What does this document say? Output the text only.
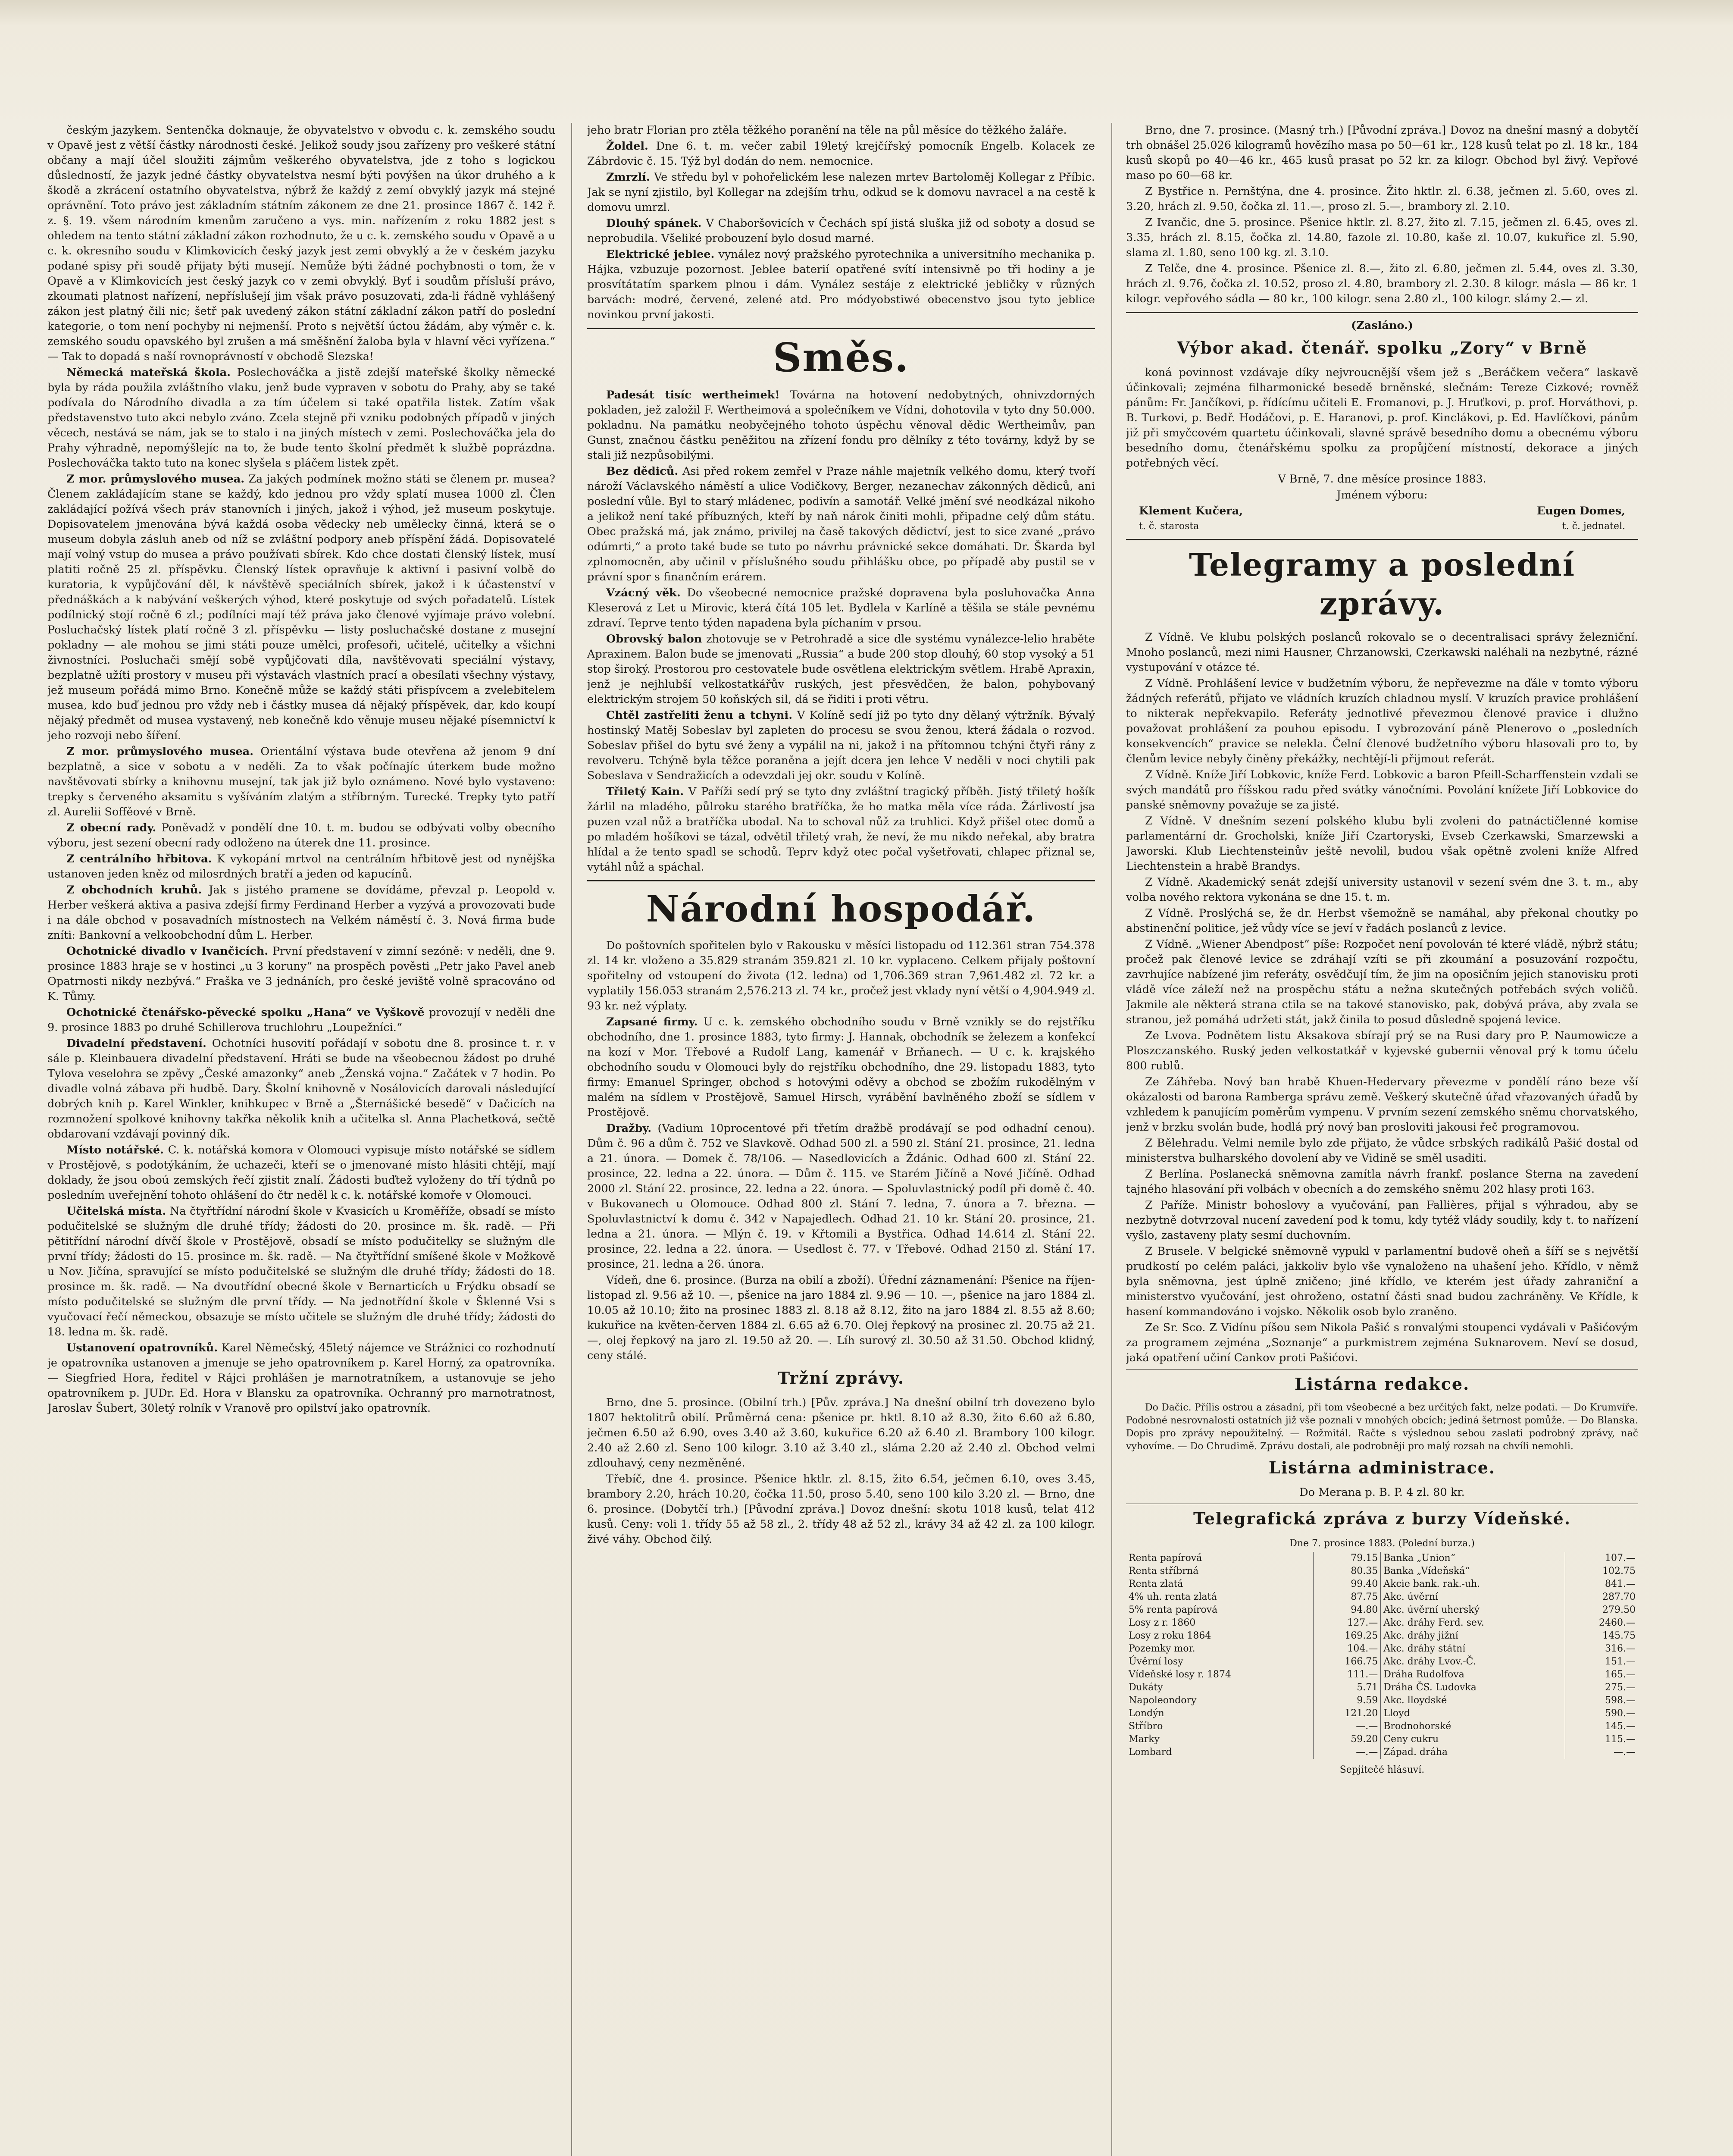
českým jazykem. Sentenčka doknauje, že obyvatelstvo v obvodu c. k. zemského soudu v Opavě jest z větší částky národnosti české. Jelikož soudy jsou zařízeny pro veškeré státní občany a mají účel sloužiti zájmům veškerého obyvatelstva, jde z toho s logickou důsledností, že jazyk jedné částky obyvatelstva nesmí býti povýšen na úkor druhého a k škodě a zkrácení ostatního obyvatelstva, nýbrž že každý z zemí obvyklý jazyk má stejné oprávnění. Toto právo jest základním státním zákonem ze dne 21. prosince 1867 č. 142 ř. z. §. 19. všem národním kmenům zaručeno a vys. min. nařízením z roku 1882 jest s ohledem na tento státní základní zákon rozhodnuto, že u c. k. zemského soudu v Opavě a u c. k. okresního soudu v Klimkovicích český jazyk jest zemi obvyklý a že v českém jazyku podané spisy při soudě přijaty býti musejí. Nemůže býti žádné pochybnosti o tom, že v Opavě a v Klimkovicích jest český jazyk co v zemi obvyklý. Byť i soudům přísluší právo, zkoumati platnost nařízení, nepříslušejí jim však právo posuzovati, zda-li řádně vyhlášený zákon jest platný čili nic; šetř pak uvedený zákon státní základní zákon patří do poslední kategorie, o tom není pochyby ni nejmenší. Proto s největší úctou žádám, aby výměr c. k. zemského soudu opavského byl zrušen a má směšnění žaloba byla v hlavní věci vyřízena.“ — Tak to dopadá s naší rovnoprávností v obchodě Slezska!

Německá mateřská škola. Poslechováčka a jistě zdejší mateřské školky německé byla by ráda použila zvláštního vlaku, jenž bude vypraven v sobotu do Prahy, aby se také podívala do Národního divadla a za tím účelem si také opatřila listek. Zatím však představenstvo tuto akci nebylo zváno. Zcela stejně při vzniku podobných případů v jiných věcech, nestává se nám, jak se to stalo i na jiných místech v zemi. Poslechováčka jela do Prahy výhradně, nepomýšlejíc na to, že bude tento školní předmět k službě poprázdna. Poslechováčka takto tuto na konec slyšela s pláčem listek zpět.

Z mor. průmyslového musea. Za jakých podmínek možno státi se členem pr. musea? Členem zakládajícím stane se každý, kdo jednou pro vždy splatí musea 1000 zl. Člen zakládající požívá všech práv stanovních i jiných, jakož i výhod, jež museum poskytuje. Dopisovatelem jmenována bývá každá osoba vědecky neb umělecky činná, která se o museum dobyla zásluh aneb od níž se zvláštní podpory aneb příspění žádá. Dopisovatelé mají volný vstup do musea a právo používati sbírek. Kdo chce dostati členský lístek, musí platiti ročně 25 zl. příspěvku. Členský lístek opravňuje k aktivní i pasivní volbě do kuratoria, k vypůjčování děl, k návštěvě speciálních sbírek, jakož i k účastenství v přednáškách a k nabývání veškerých výhod, které poskytuje od svých pořadatelů. Lístek podílnický stojí ročně 6 zl.; podílníci mají též práva jako členové vyjímaje právo volební. Posluchačský lístek platí ročně 3 zl. příspěvku — listy posluchačské dostane z musejní pokladny — ale mohou se jimi státi pouze umělci, profesoři, učitelé, učitelky a všichni živnostníci. Posluchači smějí sobě vypůjčovati díla, navštěvovati speciální výstavy, bezplatně užíti prostory v museu při výstavách vlastních prací a obesílati všechny výstavy, jež museum pořádá mimo Brno. Konečně může se každý státi přispívcem a zvelebitelem musea, kdo buď jednou pro vždy neb i částky musea dá nějaký příspěvek, dar, kdo koupí nějaký předmět od musea vystavený, neb konečně kdo věnuje museu nějaké písemnictví k jeho rozvoji nebo šíření.

Z mor. průmyslového musea. Orientální výstava bude otevřena až jenom 9 dní bezplatně, a sice v sobotu a v neděli. Za to však počínajíc úterkem bude možno navštěvovati sbírky a knihovnu musejní, tak jak již bylo oznámeno. Nové bylo vystaveno: trepky s červeného aksamitu s vyšíváním zlatým a stříbrným. Turecké. Trepky tyto patří zl. Aurelii Soffěové v Brně.

Z obecní rady. Poněvadž v pondělí dne 10. t. m. budou se odbývati volby obecního výboru, jest sezení obecní rady odloženo na úterek dne 11. prosince.

Z centrálního hřbitova. K vykopání mrtvol na centrálním hřbitově jest od nynějška ustanoven jeden kněz od milosrdných bratří a jeden od kapucínů.

Z obchodních kruhů. Jak s jistého pramene se dovídáme, převzal p. Leopold v. Herber veškerá aktiva a pasiva zdejší firmy Ferdinand Herber a vyzývá a provozovati bude i na dále obchod v posavadních místnostech na Velkém náměstí č. 3. Nová firma bude zníti: Bankovní a velkoobchodní dům L. Herber.

Ochotnické divadlo v Ivančicích. První představení v zimní sezóně: v neděli, dne 9. prosince 1883 hraje se v hostinci „u 3 koruny“ na prospěch pověsti „Petr jako Pavel aneb Opatrnosti nikdy nezbývá.“ Fraška ve 3 jednáních, pro české jeviště volně spracováno od K. Tůmy.

Ochotnické čtenářsko-pěvecké spolku „Hana“ ve Vyškově provozují v neděli dne 9. prosince 1883 po druhé Schillerova truchlohru „Loupežníci.“

Divadelní představení. Ochotníci husovití pořádají v sobotu dne 8. prosince t. r. v sále p. Kleinbauera divadelní představení. Hráti se bude na všeobecnou žádost po druhé Tylova veselohra se zpěvy „České amazonky“ aneb „Ženská vojna.“ Začátek v 7 hodin. Po divadle volná zábava při hudbě. Dary. Školní knihovně v Nosálovicích darovali následující dobrých knih p. Karel Winkler, knihkupec v Brně a „Šternášické besedě“ v Dačicích na rozmnožení spolkové knihovny takřka několik knih a učitelka sl. Anna Plachetková, sečtě obdarovaní vzdávají povinný dík.

Místo notářské. C. k. notářská komora v Olomouci vypisuje místo notářské se sídlem v Prostějově, s podotýkáním, že uchazeči, kteří se o jmenované místo hlásiti chtějí, mají doklady, že jsou oboú zemských řečí zjistit znalí. Žádosti buďtež vyloženy do tří týdnů po posledním uveřejnění tohoto ohlášení do čtr neděl k c. k. notářské komoře v Olomouci.

Učitelská místa. Na čtyřtřídní národní škole v Kvasicích u Kroměříže, obsadí se místo podučitelské se služným dle druhé třídy; žádosti do 20. prosince m. šk. radě. — Při pětitřídní národní dívčí škole v Prostějově, obsadí se místo podučitelky se služným dle první třídy; žádosti do 15. prosince m. šk. radě. — Na čtyřtřídní smíšené škole v Možkově u Nov. Jičína, spravující se místo podučitelské se služným dle druhé třídy; žádosti do 18. prosince m. šk. radě. — Na dvoutřídní obecné škole v Bernarticích u Frýdku obsadí se místo podučitelské se služným dle první třídy. — Na jednotřídní škole v Šklenné Vsi s vyučovací řečí německou, obsazuje se místo učitele se služným dle druhé třídy; žádosti do 18. ledna m. šk. radě.

Ustanovení opatrovníků. Karel Němečský, 45letý nájemce ve Strážnici co rozhodnutí je opatrovníka ustanoven a jmenuje se jeho opatrovníkem p. Karel Horný, za opatrovníka. — Siegfried Hora, ředitel v Rájci prohlášen je marnotratníkem, a ustanovuje se jeho opatrovníkem p. JUDr. Ed. Hora v Blansku za opatrovníka. Ochranný pro marnotratnost, Jaroslav Šubert, 30letý rolník v Vranově pro opilství jako opatrovník.

jeho bratr Florian pro ztěla těžkého poranění na těle na půl měsíce do těžkého žaláře.

Žoldel. Dne 6. t. m. večer zabil 19letý krejčířský pomocník Engelb. Kolacek ze Zábrdovic č. 15. Týž byl dodán do nem. nemocnice.

Zmrzlí. Ve středu byl v pohořelickém lese nalezen mrtev Bartoloměj Kollegar z Příbic. Jak se nyní zjistilo, byl Kollegar na zdejším trhu, odkud se k domovu navracel a na cestě k domovu umrzl.

Dlouhý spánek. V Chaboršovicích v Čechách spí jistá sluška již od soboty a dosud se neprobudila. Všeliké probouzení bylo dosud marné.

Elektrické jeblee. vynález nový pražského pyrotechnika a universitního mechanika p. Hájka, vzbuzuje pozornost. Jeblee baterií opatřené svítí intensivně po tři hodiny a je prosvítátatím sparkem plnou i dám. Vynález sestáje z elektrické jebličky v různých barvách: modré, červené, zelené atd. Pro módyobstiwé obecenstvo jsou tyto jeblice novinkou první jakosti.

Směs.

Padesát tisíc wertheimek! Továrna na hotovení nedobytných, ohnivzdorných pokladen, jež založil F. Wertheimová a společníkem ve Vídni, dohotovila v tyto dny 50.000. pokladnu. Na památku neobyčejného tohoto úspěchu věnoval dědic Wertheimův, pan Gunst, značnou částku peněžitou na zřízení fondu pro dělníky z této továrny, když by se stali již nezpůsobilými.

Bez dědiců. Asi před rokem zemřel v Praze náhle majetník velkého domu, který tvoří nároží Václavského náměstí a ulice Vodičkovy, Berger, nezanechav zákonných dědiců, ani poslední vůle. Byl to starý mládenec, podivín a samotář. Velké jmění své neodkázal nikoho a jelikož není také příbuzných, kteří by naň nárok činiti mohli, připadne celý dům státu. Obec pražská má, jak známo, privilej na časě takových dědictví, jest to sice zvané „právo odúmrti,“ a proto také bude se tuto po návrhu právnické sekce domáhati. Dr. Škarda byl zplnomocněn, aby učinil v příslušného soudu přihlášku obce, po případě aby pustil se v právní spor s finančním erárem.

Vzácný věk. Do všeobecné nemocnice pražské dopravena byla posluhovačka Anna Kleserová z Let u Mirovic, která čítá 105 let. Bydlela v Karlíně a těšila se stále pevnému zdraví. Teprve tento týden napadena byla píchaním v prsou.

Obrovský balon zhotovuje se v Petrohradě a sice dle systému vynálezce-lelio hraběte Apraxinem. Balon bude se jmenovati „Russia“ a bude 200 stop dlouhý, 60 stop vysoký a 51 stop široký. Prostorou pro cestovatele bude osvětlena elektrickým světlem. Hrabě Apraxin, jenž je nejhlubší velkostatkářův ruských, jest přesvědčen, že balon, pohybovaný elektrickým strojem 50 koňských sil, dá se řiditi i proti větru.

Chtěl zastřeliti ženu a tchyni. V Kolíně sedí již po tyto dny dělaný výtržník. Bývalý hostinský Matěj Sobeslav byl zapleten do procesu se svou ženou, která žádala o rozvod. Sobeslav přišel do bytu své ženy a vypálil na ni, jakož i na přítomnou tchýni čtyři rány z revolveru. Tchýně byla těžce poraněna a jejít dcera jen lehce V neděli v noci chytili pak Sobeslava v Sendražicích a odevzdali jej okr. soudu v Kolíně.

Třiletý Kain. V Paříži sedí prý se tyto dny zvláštní tragický příběh. Jistý třiletý hošík žárlil na mladého, půlroku starého bratříčka, že ho matka měla více ráda. Žárlivostí jsa puzen vzal nůž a bratříčka ubodal. Na to schoval nůž za truhlici. Když přišel otec domů a po mladém hošíkovi se tázal, odvětil třiletý vrah, že neví, že mu nikdo neřekal, aby bratra hlídal a že tento spadl se schodů. Teprv když otec počal vyšetřovati, chlapec přiznal se, vytáhl nůž a spáchal.

Národní hospodář.

Do poštovních spořitelen bylo v Rakousku v měsíci listopadu od 112.361 stran 754.378 zl. 14 kr. vloženo a 35.829 stranám 359.821 zl. 10 kr. vyplaceno. Celkem přijaly poštovní spořitelny od vstoupení do života (12. ledna) od 1,706.369 stran 7,961.482 zl. 72 kr. a vyplatily 156.053 stranám 2,576.213 zl. 74 kr., pročež jest vklady nyní větší o 4,904.949 zl. 93 kr. než výplaty.

Zapsané firmy. U c. k. zemského obchodního soudu v Brně vznikly se do rejstříku obchodního, dne 1. prosince 1883, tyto firmy: J. Hannak, obchodník se železem a konfekcí na kozí v Mor. Třebové a Rudolf Lang, kamenář v Brňanech. — U c. k. krajského obchodního soudu v Olomouci byly do rejstříku obchodního, dne 29. listopadu 1883, tyto firmy: Emanuel Springer, obchod s hotovými oděvy a obchod se zbožím rukodělným v malém na sídlem v Prostějově, Samuel Hirsch, vyrábění bavlněného zboží se sídlem v Prostějově.

Dražby. (Vadium 10procentové při třetím dražbě prodávají se pod odhadní cenou). Dům č. 96 a dům č. 752 ve Slavkově. Odhad 500 zl. a 590 zl. Stání 21. prosince, 21. ledna a 21. února. — Domek č. 78/106. — Nasedlovicích a Ždánic. Odhad 600 zl. Stání 22. prosince, 22. ledna a 22. února. — Dům č. 115. ve Starém Jičíně a Nové Jičíně. Odhad 2000 zl. Stání 22. prosince, 22. ledna a 22. února. — Spoluvlastnický podíl při domě č. 40. v Bukovanech u Olomouce. Odhad 800 zl. Stání 7. ledna, 7. února a 7. března. — Spoluvlastnictví k domu č. 342 v Napajedlech. Odhad 21. 10 kr. Stání 20. prosince, 21. ledna a 21. února. — Mlýn č. 19. v Křtomili a Bystřica. Odhad 14.614 zl. Stání 22. prosince, 22. ledna a 22. února. — Usedlost č. 77. v Třebové. Odhad 2150 zl. Stání 17. prosince, 21. ledna a 26. února.

Vídeň, dne 6. prosince. (Burza na obilí a zboží). Úřední záznamenání: Pšenice na říjen-listopad zl. 9.56 až 10. —, pšenice na jaro 1884 zl. 9.96 — 10. —, pšenice na jaro 1884 zl. 10.05 až 10.10; žito na prosinec 1883 zl. 8.18 až 8.12, žito na jaro 1884 zl. 8.55 až 8.60; kukuřice na květen-červen 1884 zl. 6.65 až 6.70. Olej řepkový na prosinec zl. 20.75 až 21. —, olej řepkový na jaro zl. 19.50 až 20. —. Líh surový zl. 30.50 až 31.50. Obchod klidný, ceny stálé.

Tržní zprávy.

Brno, dne 5. prosince. (Obilní trh.) [Pův. zpráva.] Na dnešní obilní trh dovezeno bylo 1807 hektolitrů obilí. Průměrná cena: pšenice pr. hktl. 8.10 až 8.30, žito 6.60 až 6.80, ječmen 6.50 až 6.90, oves 3.40 až 3.60, kukuřice 6.20 až 6.40 zl. Brambory 100 kilogr. 2.40 až 2.60 zl. Seno 100 kilogr. 3.10 až 3.40 zl., sláma 2.20 až 2.40 zl. Obchod velmi zdlouhavý, ceny nezměněné.

Třebíč, dne 4. prosince. Pšenice hktlr. zl. 8.15, žito 6.54, ječmen 6.10, oves 3.45, brambory 2.20, hrách 10.20, čočka 11.50, proso 5.40, seno 100 kilo 3.20 zl. — Brno, dne 6. prosince. (Dobytčí trh.) [Původní zpráva.] Dovoz dnešní: skotu 1018 kusů, telat 412 kusů. Ceny: voli 1. třídy 55 až 58 zl., 2. třídy 48 až 52 zl., krávy 34 až 42 zl. za 100 kilogr. živé váhy. Obchod čilý.

Brno, dne 7. prosince. (Masný trh.) [Původní zpráva.] Dovoz na dnešní masný a dobytčí trh obnášel 25.026 kilogramů hovězího masa po 50—61 kr., 128 kusů telat po zl. 18 kr., 184 kusů skopů po 40—46 kr., 465 kusů prasat po 52 kr. za kilogr. Obchod byl živý. Vepřové maso po 60—68 kr.

Z Bystřice n. Pernštýna, dne 4. prosince. Žito hktlr. zl. 6.38, ječmen zl. 5.60, oves zl. 3.20, hrách zl. 9.50, čočka zl. 11.—, proso zl. 5.—, brambory zl. 2.10.

Z Ivančic, dne 5. prosince. Pšenice hktlr. zl. 8.27, žito zl. 7.15, ječmen zl. 6.45, oves zl. 3.35, hrách zl. 8.15, čočka zl. 14.80, fazole zl. 10.80, kaše zl. 10.07, kukuřice zl. 5.90, slama zl. 1.80, seno 100 kg. zl. 3.10.

Z Telče, dne 4. prosince. Pšenice zl. 8.—, žito zl. 6.80, ječmen zl. 5.44, oves zl. 3.30, hrách zl. 9.76, čočka zl. 10.52, proso zl. 4.80, brambory zl. 2.30. 8 kilogr. másla — 86 kr. 1 kilogr. vepřového sádla — 80 kr., 100 kilogr. sena 2.80 zl., 100 kilogr. slámy 2.— zl.

(Zasláno.)

Výbor akad. čtenář. spolku „Zory“ v Brně

koná povinnost vzdávaje díky nejvroucnější všem jež s „Beráčkem večera“ laskavě účinkovali; zejména filharmonické besedě brněnské, slečnám: Tereze Cizkové; rovněž pánům: Fr. Jančíkovi, p. řídícímu učiteli E. Fromanovi, p. J. Hruťkovi, p. prof. Horváthovi, p. B. Turkovi, p. Bedř. Hodáčovi, p. E. Haranovi, p. prof. Kinclákovi, p. Ed. Havlíčkovi, pánům již při smyčcovém quartetu účinkovali, slavné správě besedního domu a obecnému výboru besedního domu, čtenářskému spolku za propůjčení místností, dekorace a jiných potřebných věcí.

V Brně, 7. dne měsíce prosince 1883.

Jménem výboru:

Klement Kučera,	Eugen Domes,
t. č. starosta	t. č. jednatel.
Telegramy a poslední zprávy.

Z Vídně. Ve klubu polských poslanců rokovalo se o decentralisaci správy železniční. Mnoho poslanců, mezi nimi Hausner, Chrzanowski, Czerkawski naléhali na nezbytné, rázné vystupování v otázce té.

Z Vídně. Prohlášení levice v budžetním výboru, že nepřevezme na ďále v tomto výboru žádných referátů, přijato ve vládních kruzích chladnou myslí. V kruzích pravice prohlášení to nikterak nepřekvapilo. Referáty jednotlivé převezmou členové pravice i dlužno považovat prohlášení za pouhou episodu. I vybrozování páně Plenerovo o „posledních konsekvencích“ pravice se nelekla. Čelní členové budžetního výboru hlasovali pro to, by členům levice nebyly činěny překážky, nechtějí-li přijmout referát.

Z Vídně. Kníže Jiří Lobkovic, kníže Ferd. Lobkovic a baron Pfeill-Scharffenstein vzdali se svých mandátů pro říšskou radu před svátky vánočními. Povolání knížete Jiří Lobkovice do panské sněmovny považuje se za jisté.

Z Vídně. V dnešním sezení polského klubu byli zvoleni do patnáctičlenné komise parlamentární dr. Grocholski, kníže Jiří Czartoryski, Evseb Czerkawski, Smarzewski a Jaworski. Klub Liechtensteinův ještě nevolil, budou však opětně zvoleni kníže Alfred Liechtenstein a hrabě Brandys.

Z Vídně. Akademický senát zdejší university ustanovil v sezení svém dne 3. t. m., aby volba nového rektora vykonána se dne 15. t. m.

Z Vídně. Proslýchá se, že dr. Herbst všemožně se namáhal, aby překonal choutky po abstinenční politice, jež vůdy více se jeví v řadách poslanců z levice.

Z Vídně. „Wiener Abendpost“ píše: Rozpočet není povolován té které vládě, nýbrž státu; pročež pak členové levice se zdráhají vzíti se při zkoumání a posuzování rozpočtu, zavrhujíce nabízené jim referáty, osvědčují tím, že jim na oposičním jejich stanovisku proti vládě více záleží než na prospěchu státu a nežna skutečných potřebách svých voličů. Jakmile ale některá strana ctila se na takové stanovisko, pak, dobývá práva, aby zvala se stranou, jež pomáhá udržeti stát, jakž činila to posud důsledně spojená levice.

Ze Lvova. Podnětem listu Aksakova sbírají prý se na Rusi dary pro P. Naumowicze a Ploszczanského. Ruský jeden velkostatkář v kyjevské gubernii věnoval prý k tomu účelu 800 rublů.

Ze Záhřeba. Nový ban hrabě Khuen-Hedervary převezme v pondělí ráno beze vší okázalosti od barona Ramberga správu země. Veškerý skutečně úřad vřazovaných úřadů by vzhledem k panujícím poměrům vympenu. V prvním sezení zemského sněmu chorvatského, jenž v brzku svolán bude, hodlá prý nový ban prosloviti jakousi řeč programovou.

Z Bělehradu. Velmi nemile bylo zde přijato, že vůdce srbských radikálů Pašić dostal od ministerstva bulharského dovolení aby ve Vidině se směl usaditi.

Z Berlína. Poslanecká sněmovna zamítla návrh frankf. poslance Sterna na zavedení tajného hlasování při volbách v obecních a do zemského sněmu 202 hlasy proti 163.

Z Paříže. Ministr bohoslovy a vyučování, pan Fallières, přijal s výhradou, aby se nezbytně dotvrzoval nucení zavedení pod k tomu, kdy tytéž vlády soudily, kdy t. to nařízení vyšlo, zastaveny platy sesmí duchovním.

Z Brusele. V belgické sněmovně vypukl v parlamentní budově oheň a šíří se s největší prudkostí po celém paláci, jakkoliv bylo vše vynaloženo na uhašení jeho. Křídlo, v němž byla sněmovna, jest úplně zničeno; jiné křídlo, ve kterém jest úřady zahraniční a ministerstvo vyučování, jest ohroženo, ostatní části snad budou zachráněny. Ve Křídle, k hasení kommandováno i vojsko. Několik osob bylo zraněno.

Ze Sr. Sco. Z Vidínu píšou sem Nikola Pašić s ronvalými stoupenci vydávali v Pašićovým za programem zejména „Soznanje“ a purkmistrem zejména Suknarovem. Neví se dosud, jaká opatření učiní Cankov proti Pašićovi.

Listárna redakce.

Do Dačic. Přílis ostrou a zásadní, při tom všeobecné a bez určitých fakt, nelze podati. — Do Krumvíře. Podobné nesrovnalosti ostatních již vše poznali v mnohých obcích; jediná šetrnost pomůže. — Do Blanska. Dopis pro zprávy nepoužitelný. — Rožmitál. Račte s výslednou sebou zaslati podrobný zprávy, nač vyhovíme. — Do Chrudimě. Zprávu dostali, ale podrobněji pro malý rozsah na chvíli nemohli.

Listárna administrace.

Do Merana p. B. P. 4 zl. 80 kr.

Telegrafická zpráva z burzy Vídeňské.

Dne 7. prosince 1883. (Polední burza.)

Renta papírová	79.15	Banka „Union“	107.—
Renta stříbrná	80.35	Banka „Vídeňská“	102.75
Renta zlatá	99.40	Akcie bank. rak.-uh.	841.—
4% uh. renta zlatá	87.75	Akc. úvěrní	287.70
5% renta papírová	94.80	Akc. úvěrní uherský	279.50
Losy z r. 1860	127.—	Akc. dráhy Ferd. sev.	2460.—
Losy z roku 1864	169.25	Akc. dráhy jižní	145.75
Pozemky mor.	104.—	Akc. dráhy státní	316.—
Úvěrní losy	166.75	Akc. dráhy Lvov.-Č.	151.—
Vídeňské losy r. 1874	111.—	Dráha Rudolfova	165.—
Dukáty	5.71	Dráha ČS. Ludovka	275.—
Napoleondory	9.59	Akc. lloydské	598.—
Londýn	121.20	Lloyd	590.—
Stříbro	—.—	Brodnohorské	145.—
Marky	59.20	Ceny cukru	115.—
Lombard	—.—	Západ. dráha	—.—
Sepjitečé hlásuví.
